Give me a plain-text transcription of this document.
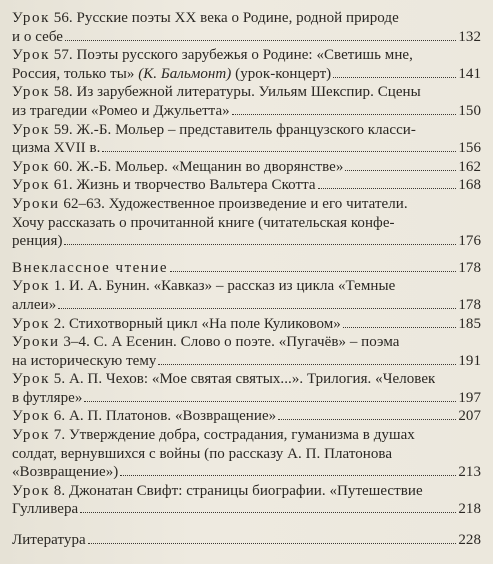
Урок 56. Русские поэты XX века о Родине, родной природе
и о себе	132
Урок 57. Поэты русского зарубежья о Родине: «Светишь мне,
Россия, только ты» (К. Бальмонт) (урок-концерт)	141
Урок 58. Из зарубежной литературы. Уильям Шекспир. Сцены
из трагедии «Ромео и Джульетта»	150
Урок 59. Ж.-Б. Мольер – представитель французского класси-
цизма XVII в.	156
Урок 60. Ж.-Б. Мольер. «Мещанин во дворянстве»	162
Урок 61. Жизнь и творчество Вальтера Скотта	168
Уроки 62–63. Художественное произведение и его читатели.
Хочу рассказать о прочитанной книге (читательская конфе-
ренция)	176
Внеклассное чтение	178
Урок 1. И. А. Бунин. «Кавказ» – рассказ из цикла «Темные
аллеи»	178
Урок 2. Стихотворный цикл «На поле Куликовом»	185
Уроки 3–4. С. А Есенин. Слово о поэте. «Пугачёв» – поэма
на историческую тему	191
Урок 5. А. П. Чехов: «Мое святая святых...». Трилогия. «Человек
в футляре»	197
Урок 6. А. П. Платонов. «Возвращение»	207
Урок 7. Утверждение добра, сострадания, гуманизма в душах
солдат, вернувшихся с войны (по рассказу А. П. Платонова
«Возвращение»)	213
Урок 8. Джонатан Свифт: страницы биографии. «Путешествие
Гулливера	218
Литература	228
